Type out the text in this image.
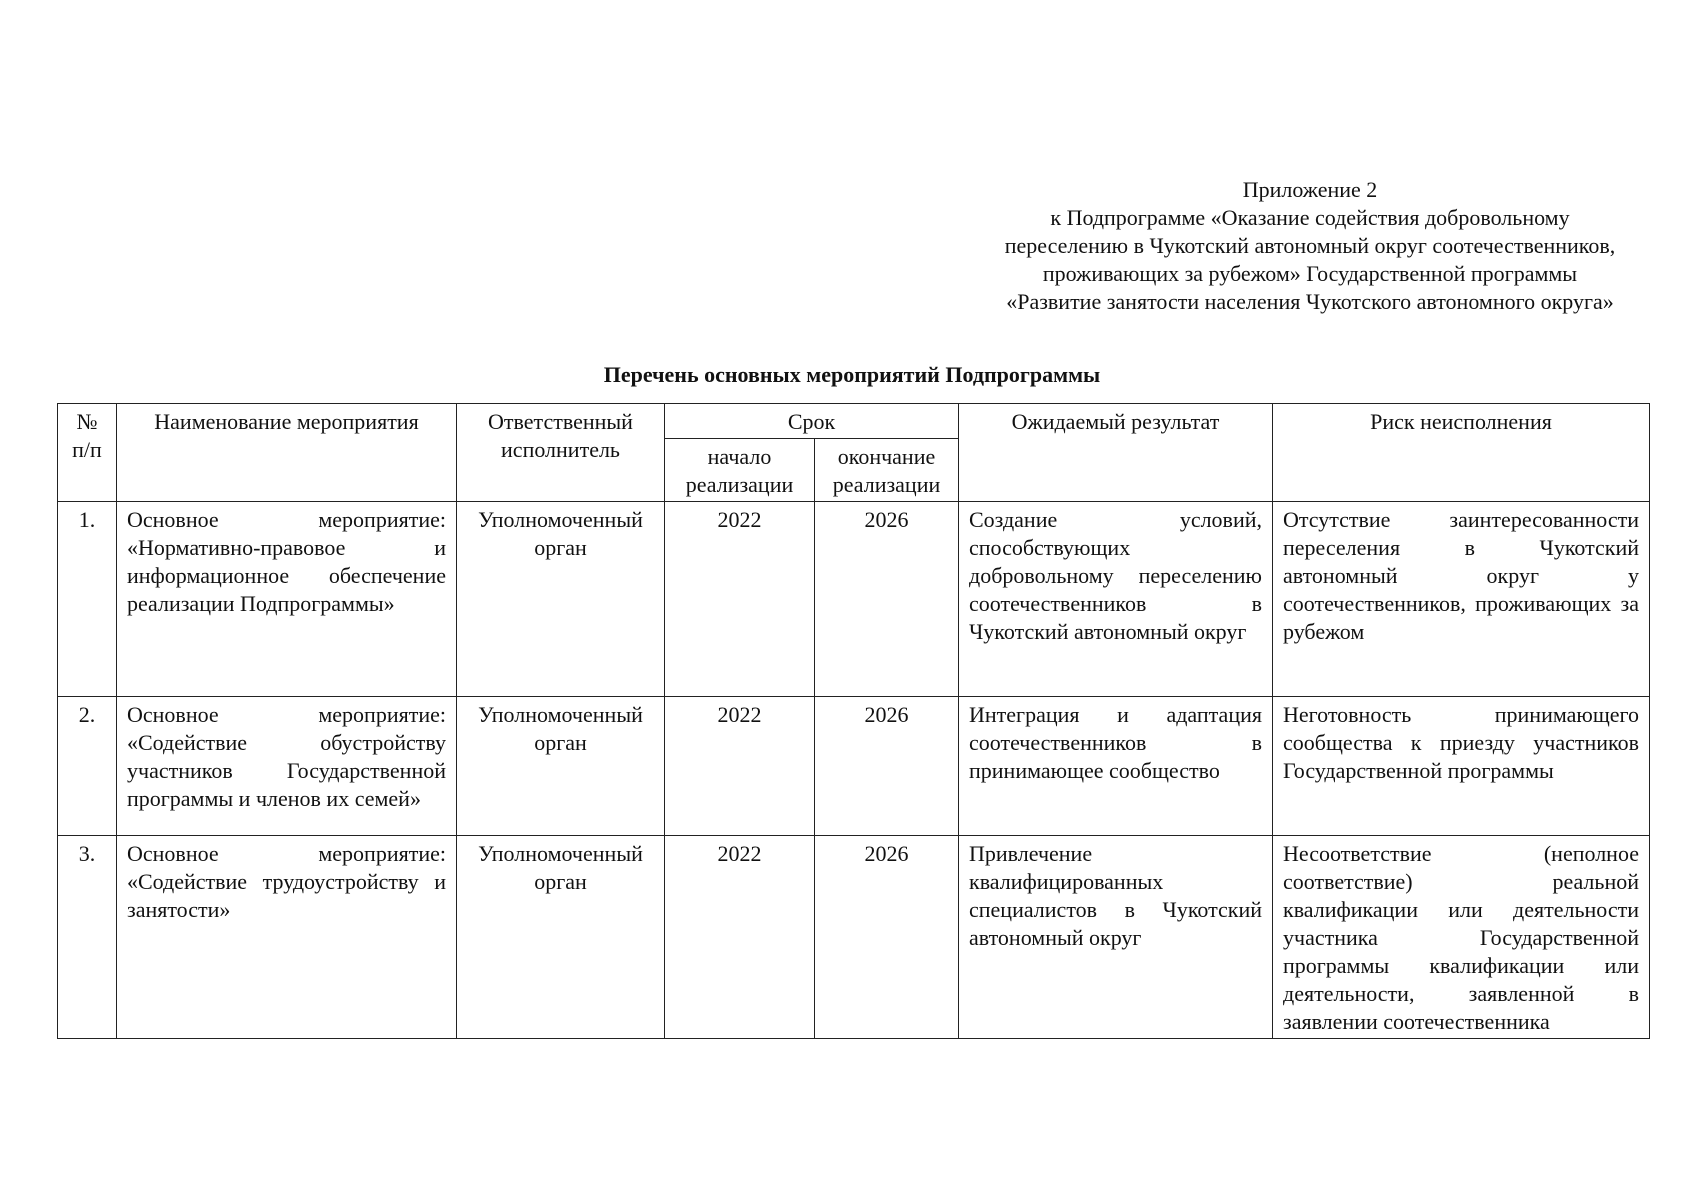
Приложение 2
к Подпрограмме «Оказание содействия добровольному
переселению в Чукотский автономный округ соотечественников,
проживающих за рубежом» Государственной программы
«Развитие занятости населения Чукотского автономного округа»
Перечень основных мероприятий Подпрограммы
№ п/п	Наименование мероприятия	Ответственный исполнитель	Срок		Ожидаемый результат	Риск неисполнения
			начало реализации	окончание реализации		
1.	Основное мероприятие: «Нормативно-правовое и информационное обеспечение реализации Подпрограммы»	Уполномоченный орган	2022	2026	Создание условий, способствующих добровольному переселению соотечественников в Чукотский автономный округ	Отсутствие заинтересованности переселения в Чукотский автономный округ у соотечественников, проживающих за рубежом
2.	Основное мероприятие: «Содействие обустройству участников Государственной программы и членов их семей»	Уполномоченный орган	2022	2026	Интеграция и адаптация соотечественников в принимающее сообщество	Неготовность принимающего сообщества к приезду участников Государственной программы
3.	Основное мероприятие: «Содействие трудоустройству и занятости»	Уполномоченный орган	2022	2026	Привлечение квалифицированных специалистов в Чукотский автономный округ	Несоответствие (неполное соответствие) реальной квалификации или деятельности участника Государственной программы квалификации или деятельности, заявленной в заявлении соотечественника
